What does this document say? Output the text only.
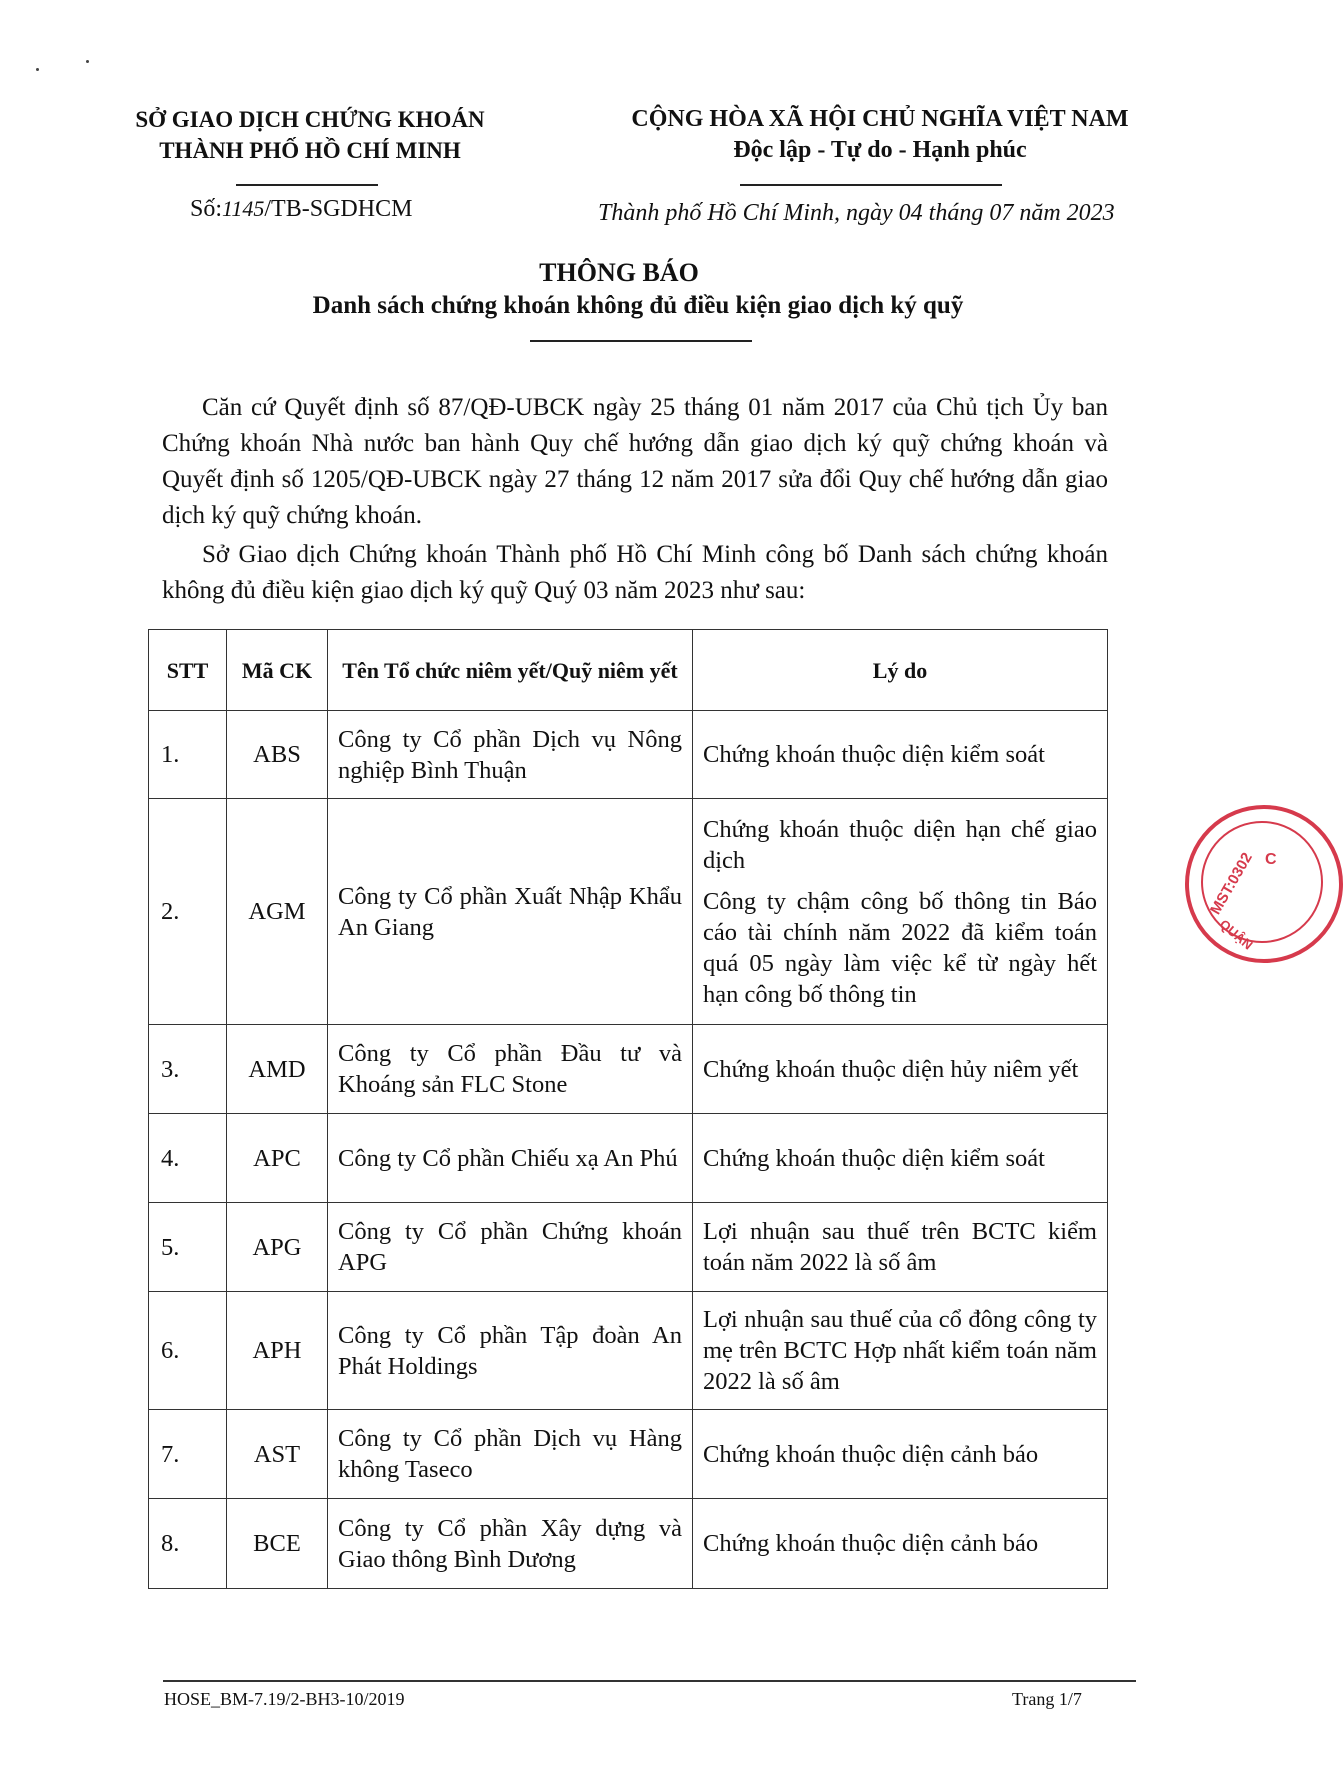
SỞ GIAO DỊCH CHỨNG KHOÁN
THÀNH PHỐ HỒ CHÍ MINH
CỘNG HÒA XÃ HỘI CHỦ NGHĨA VIỆT NAM
Độc lập - Tự do - Hạnh phúc
Số:1145/TB-SGDHCM	Thành phố Hồ Chí Minh, ngày 04 tháng 07 năm 2023
THÔNG BÁO
Danh sách chứng khoán không đủ điều kiện giao dịch ký quỹ
Căn cứ Quyết định số 87/QĐ-UBCK ngày 25 tháng 01 năm 2017 của Chủ tịch Ủy ban Chứng khoán Nhà nước ban hành Quy chế hướng dẫn giao dịch ký quỹ chứng khoán và Quyết định số 1205/QĐ-UBCK ngày 27 tháng 12 năm 2017 sửa đổi Quy chế hướng dẫn giao dịch ký quỹ chứng khoán.
Sở Giao dịch Chứng khoán Thành phố Hồ Chí Minh công bố Danh sách chứng khoán không đủ điều kiện giao dịch ký quỹ Quý 03 năm 2023 như sau:
STT	Mã CK	Tên Tổ chức niêm yết/Quỹ niêm yết	Lý do
1.	ABS	Công ty Cổ phần Dịch vụ Nông nghiệp Bình Thuận	Chứng khoán thuộc diện kiểm soát

2.	AGM	Công ty Cổ phần Xuất Nhập Khẩu An Giang	Chứng khoán thuộc diện hạn chế giao dịch
Công ty chậm công bố thông tin Báo cáo tài chính năm 2022 đã kiểm toán quá 05 ngày làm việc kể từ ngày hết hạn công bố thông tin

3.	AMD	Công ty Cổ phần Đầu tư và Khoáng sản FLC Stone	Chứng khoán thuộc diện hủy niêm yết

4.	APC	Công ty Cổ phần Chiếu xạ An Phú	Chứng khoán thuộc diện kiểm soát

5.	APG	Công ty Cổ phần Chứng khoán APG	Lợi nhuận sau thuế trên BCTC kiểm toán năm 2022 là số âm

6.	APH	Công ty Cổ phần Tập đoàn An Phát Holdings	Lợi nhuận sau thuế của cổ đông công ty mẹ trên BCTC Hợp nhất kiểm toán năm 2022 là số âm

7.	AST	Công ty Cổ phần Dịch vụ Hàng không Taseco	Chứng khoán thuộc diện cảnh báo

8.	BCE	Công ty Cổ phần Xây dựng và Giao thông Bình Dương	Chứng khoán thuộc diện cảnh báo
MST:0302
QUẬN
C
HOSE_BM-7.19/2-BH3-10/2019	Trang 1/7
